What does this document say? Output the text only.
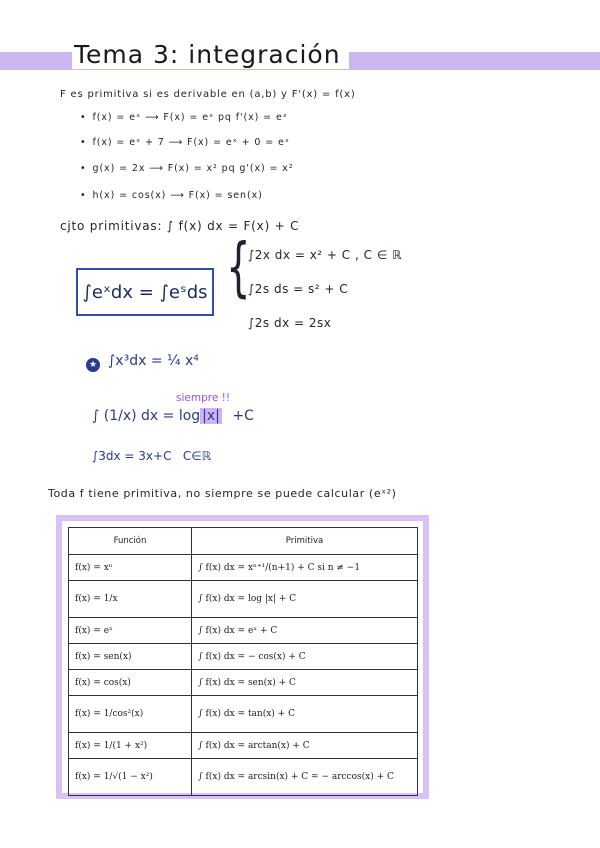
Tema 3: integración
F es primitiva si es derivable en (a,b) y F'(x) = f(x)
• f(x) = eˣ ⟶ F(x) = eˣ pq f'(x) = eˣ
• f(x) = eˣ + 7 ⟶ F(x) = eˣ + 0 = eˣ
• g(x) = 2x ⟶ F(x) = x² pq g'(x) = x²
• h(x) = cos(x) ⟶ F(x) = sen(x)
cjto primitivas: ∫ f(x) dx = F(x) + C
∫eˣdx = ∫eˢds {
∫2x dx = x² + C , C ∈ ℝ
∫2s ds = s² + C
∫2s dx = 2sx
★ ∫x³dx = ¼ x⁴
siempre !!
∫ (1/x) dx = log |x| +C
∫3dx = 3x+C   C∈ℝ
Toda f tiene primitiva, no siempre se puede calcular (eˣ²)
Función	Primitiva
f(x) = xⁿ	∫ f(x) dx = xⁿ⁺¹/(n+1) + C si n ≠ −1
f(x) = 1/x	∫ f(x) dx = log |x| + C
f(x) = eˣ	∫ f(x) dx = eˣ + C
f(x) = sen(x)	∫ f(x) dx = − cos(x) + C
f(x) = cos(x)	∫ f(x) dx = sen(x) + C
f(x) = 1/cos²(x)	∫ f(x) dx = tan(x) + C
f(x) = 1/(1 + x²)	∫ f(x) dx = arctan(x) + C
f(x) = 1/√(1 − x²)	∫ f(x) dx = arcsin(x) + C = − arccos(x) + C
